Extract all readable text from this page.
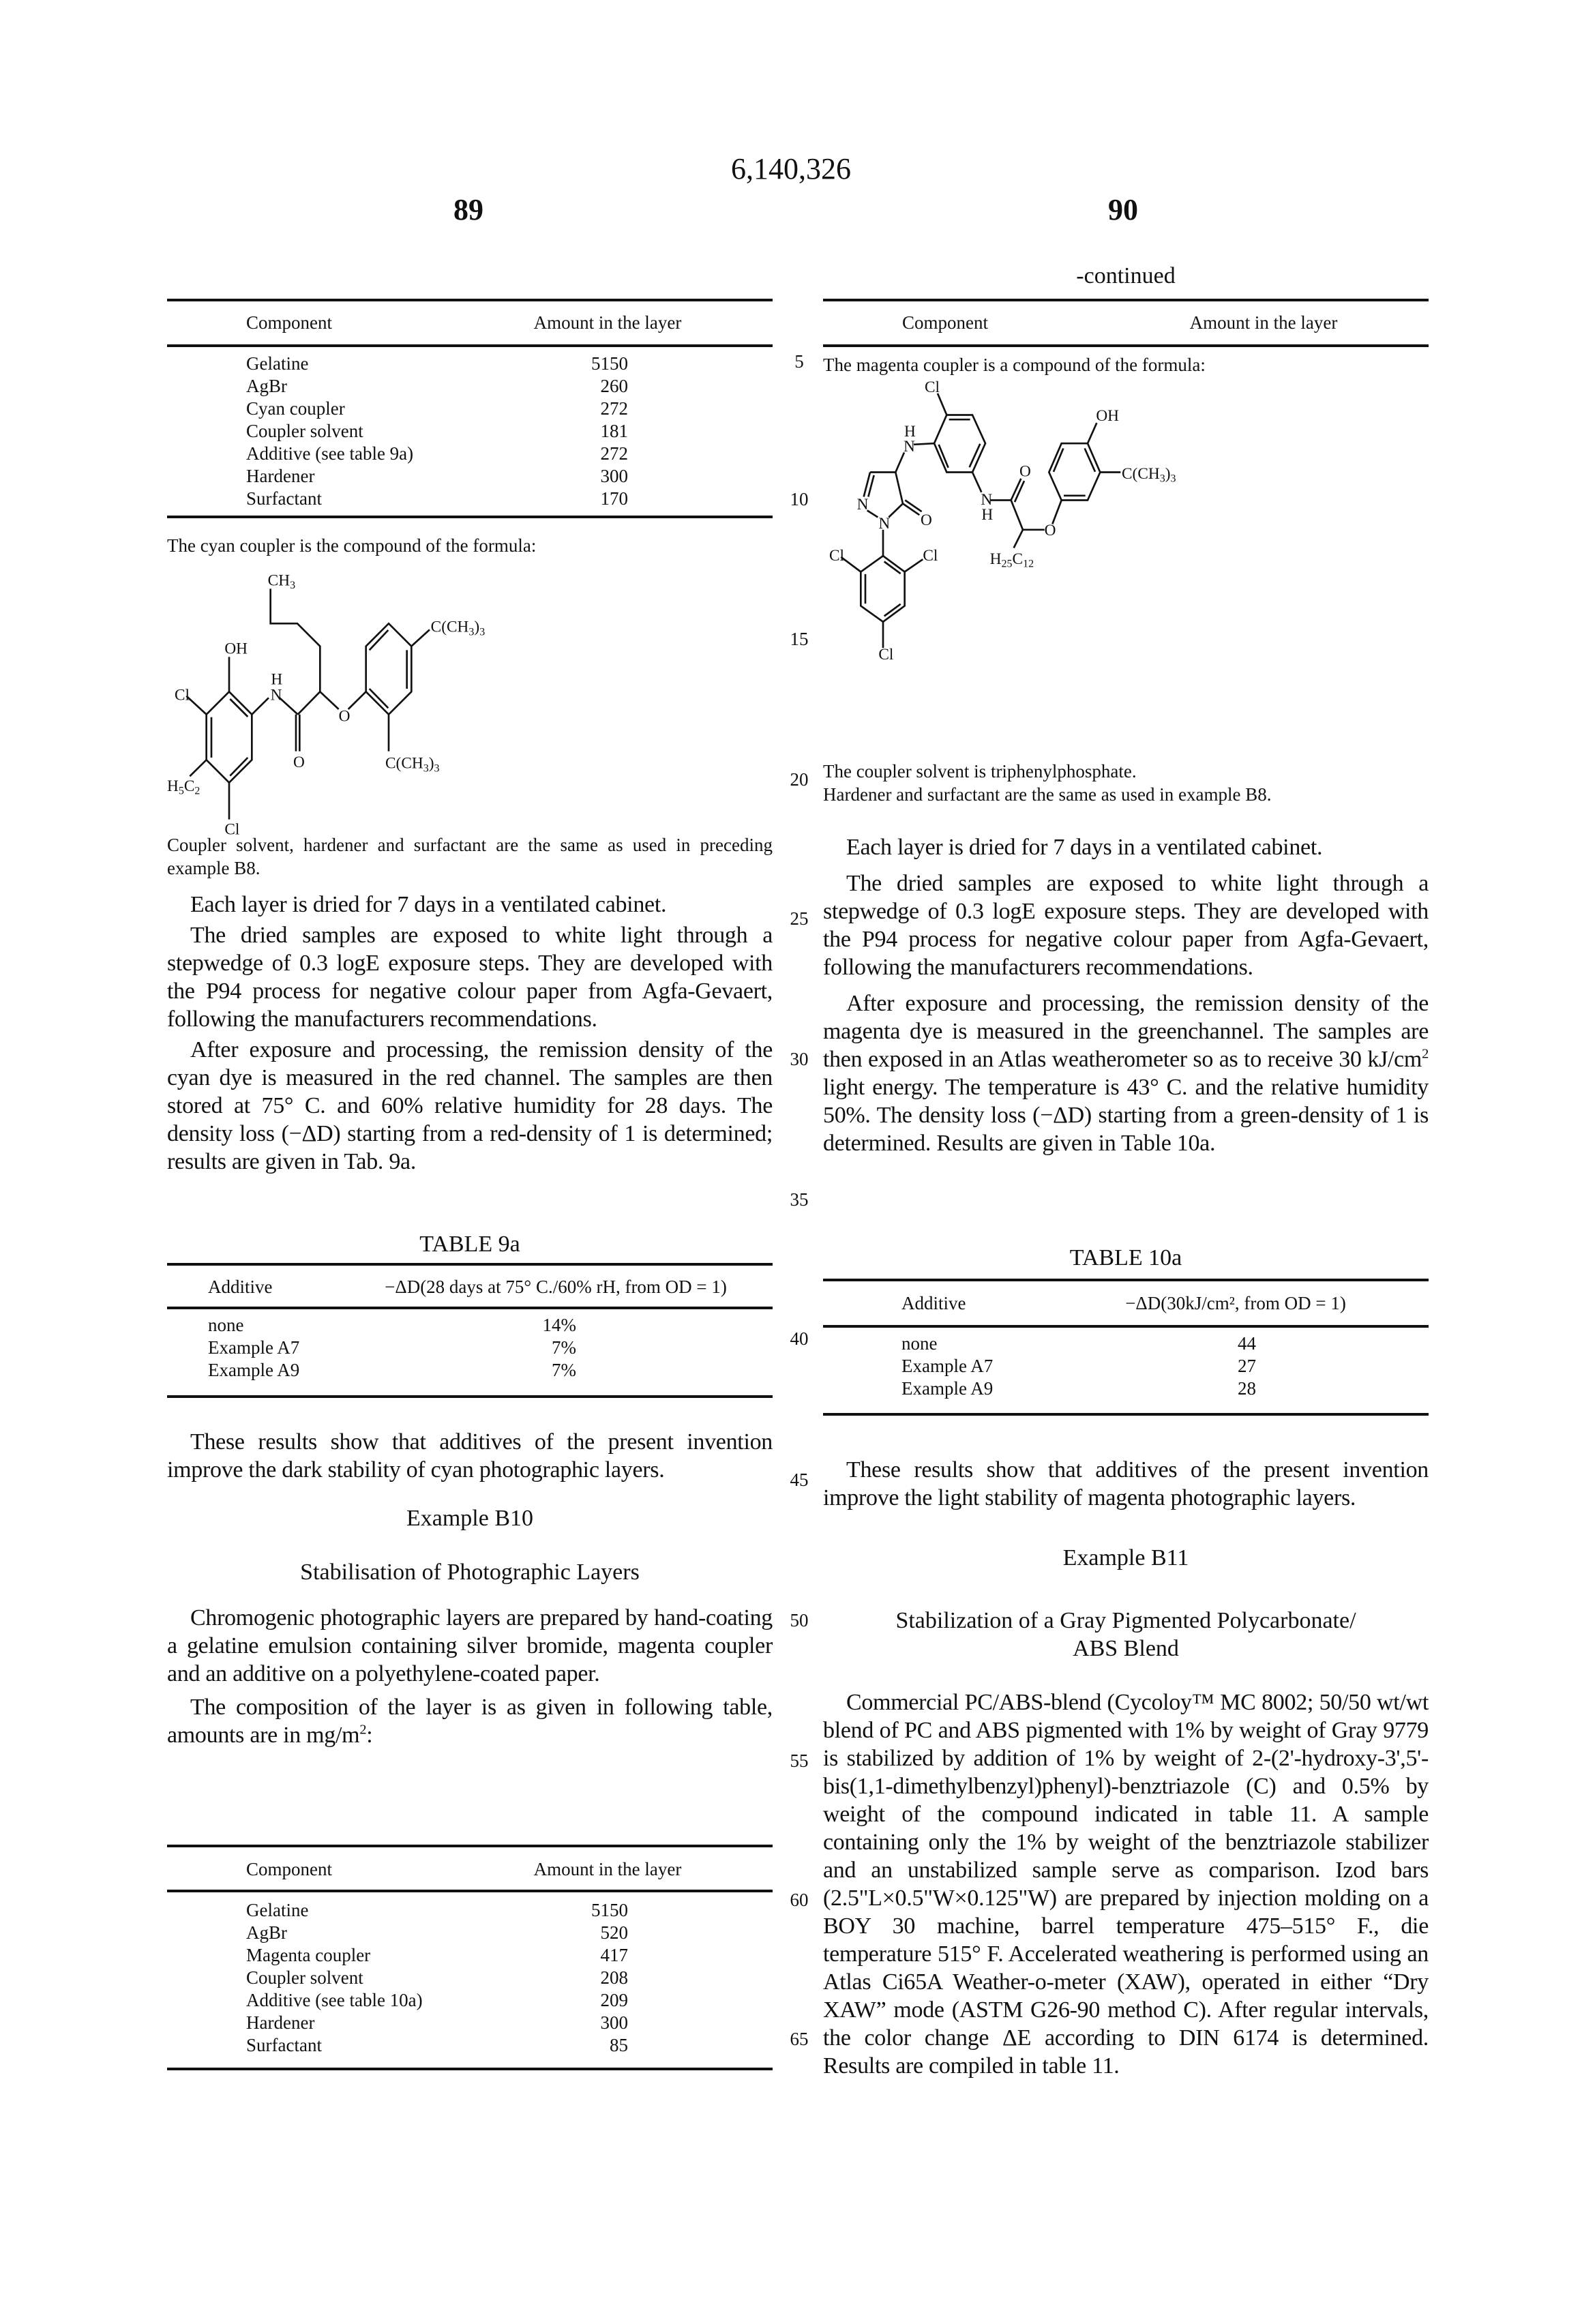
6,140,326
89	90
-continued
5
10
15
20
25
30
35
40
45
50
55
60
65
Component	Amount in the layer
Gelatine	5150
AgBr	260
Cyan coupler	272
Coupler solvent	181
Additive (see table 9a)	272
Hardener	300
Surfactant	170
The cyan coupler is the compound of the formula:
CH3
OH
Cl
H5C2
Cl
H
N
O
O
C(CH3)3
C(CH3)3
Coupler solvent, hardener and surfactant are the same as used in preceding example B8.

Each layer is dried for 7 days in a ventilated cabinet.

The dried samples are exposed to white light through a stepwedge of 0.3 logE exposure steps. They are developed with the P94 process for negative colour paper from Agfa-Gevaert, following the manufacturers recommendations.

After exposure and processing, the remission density of the cyan dye is measured in the red channel. The samples are then stored at 75° C. and 60% relative humidity for 28 days. The density loss (−ΔD) starting from a red-density of 1 is determined; results are given in Tab. 9a.

TABLE 9a
Additive	−ΔD(28 days at 75° C./60% rH, from OD = 1)
none	14%
Example A7	7%
Example A9	7%

These results show that additives of the present invention improve the dark stability of cyan photographic layers.

Example B10
Stabilisation of Photographic Layers

Chromogenic photographic layers are prepared by hand-coating a gelatine emulsion containing silver bromide, magenta coupler and an additive on a polyethylene-coated paper.

The composition of the layer is as given in following table, amounts are in mg/m2:

Component	Amount in the layer
Gelatine	5150
AgBr	520
Magenta coupler	417
Coupler solvent	208
Additive (see table 10a)	209
Hardener	300
Surfactant	85
Component	Amount in the layer
The magenta coupler is a compound of the formula:
Cl
H
N
N
N O
Cl Cl
Cl
N
H
O
O
H25C12
OH
C(CH3)3
The coupler solvent is triphenylphosphate.
Hardener and surfactant are the same as used in example B8.

Each layer is dried for 7 days in a ventilated cabinet.

The dried samples are exposed to white light through a stepwedge of 0.3 logE exposure steps. They are developed with the P94 process for negative colour paper from Agfa-Gevaert, following the manufacturers recommendations.

After exposure and processing, the remission density of the magenta dye is measured in the greenchannel. The samples are then exposed in an Atlas weatherometer so as to receive 30 kJ/cm2 light energy. The temperature is 43° C. and the relative humidity 50%. The density loss (−ΔD) starting from a green-density of 1 is determined. Results are given in Table 10a.

TABLE 10a
Additive	−ΔD(30kJ/cm², from OD = 1)
none	44
Example A7	27
Example A9	28

These results show that additives of the present invention improve the light stability of magenta photographic layers.

Example B11
Stabilization of a Gray Pigmented Polycarbonate/
ABS Blend

Commercial PC/ABS-blend (Cycoloy™ MC 8002; 50/50 wt/wt blend of PC and ABS pigmented with 1% by weight of Gray 9779 is stabilized by addition of 1% by weight of 2-(2'-hydroxy-3',5'-bis(1,1-dimethylbenzyl)phenyl)-benztriazole (C) and 0.5% by weight of the compound indicated in table 11. A sample containing only the 1% by weight of the benztriazole stabilizer and an unstabilized sample serve as comparison. Izod bars (2.5"L×0.5"W×0.125"W) are prepared by injection molding on a BOY 30 machine, barrel temperature 475–515° F., die temperature 515° F. Accelerated weathering is performed using an Atlas Ci65A Weather-o-meter (XAW), operated in either “Dry XAW” mode (ASTM G26-90 method C). After regular intervals, the color change ΔE according to DIN 6174 is determined. Results are compiled in table 11.
